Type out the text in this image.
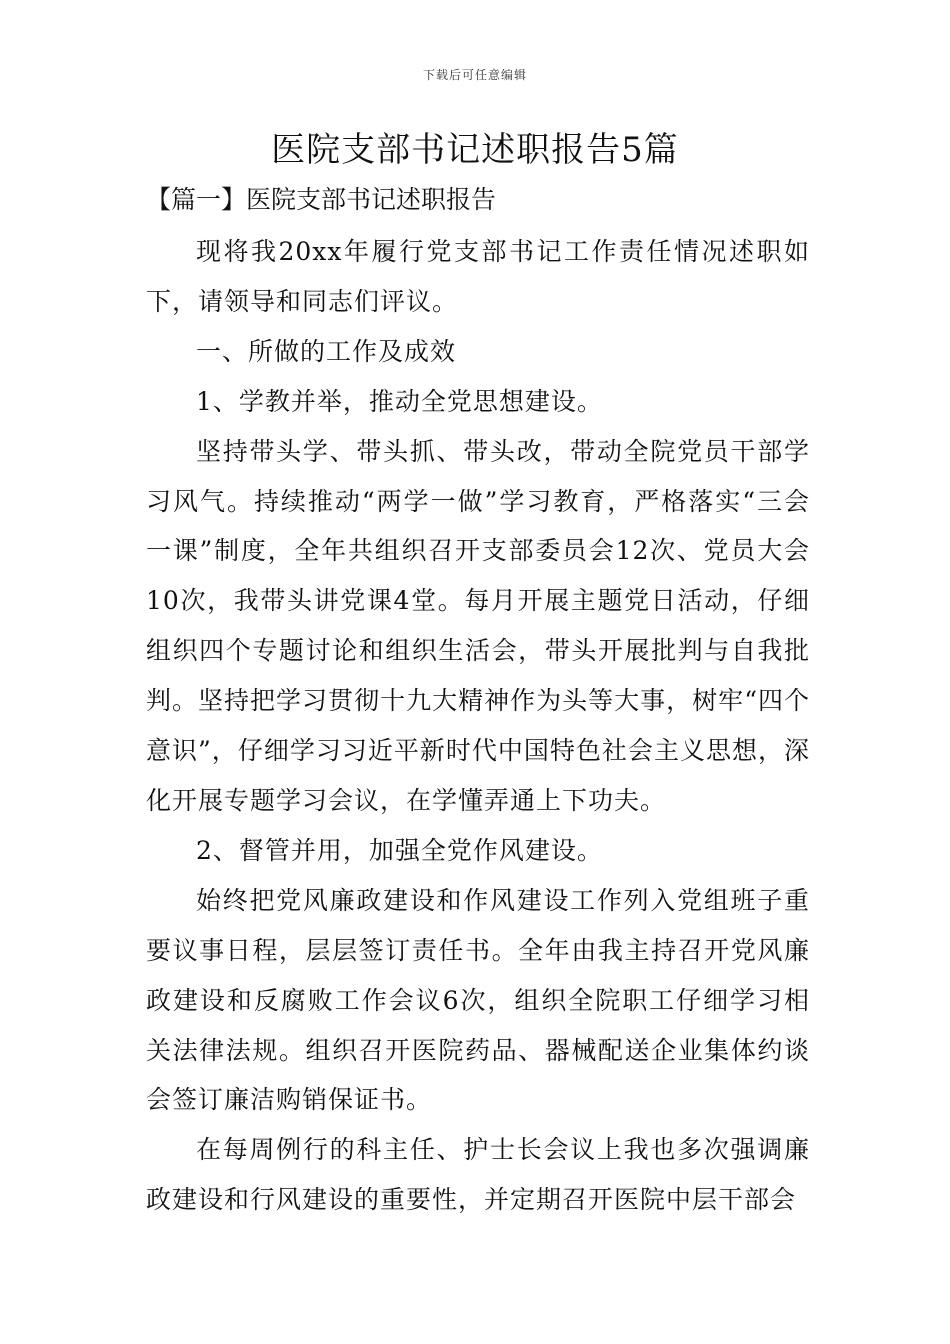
下载后可任意编辑
医院支部书记述职报告5篇
【篇一】医院支部书记述职报告

现将我20xx年履行党支部书记工作责任情况述职如下，请领导和同志们评议。

一、所做的工作及成效

1、学教并举，推动全党思想建设。

坚持带头学、带头抓、带头改，带动全院党员干部学习风气。持续推动“两学一做”学习教育，严格落实“三会一课”制度，全年共组织召开支部委员会12次、党员大会10次，我带头讲党课4堂。每月开展主题党日活动，仔细组织四个专题讨论和组织生活会，带头开展批判与自我批判。坚持把学习贯彻十九大精神作为头等大事，树牢“四个意识”，仔细学习习近平新时代中国特色社会主义思想，深化开展专题学习会议，在学懂弄通上下功夫。

2、督管并用，加强全党作风建设。

始终把党风廉政建设和作风建设工作列入党组班子重要议事日程，层层签订责任书。全年由我主持召开党风廉政建设和反腐败工作会议6次，组织全院职工仔细学习相关法律法规。组织召开医院药品、器械配送企业集体约谈会签订廉洁购销保证书。

在每周例行的科主任、护士长会议上我也多次强调廉政建设和行风建设的重要性，并定期召开医院中层干部会
